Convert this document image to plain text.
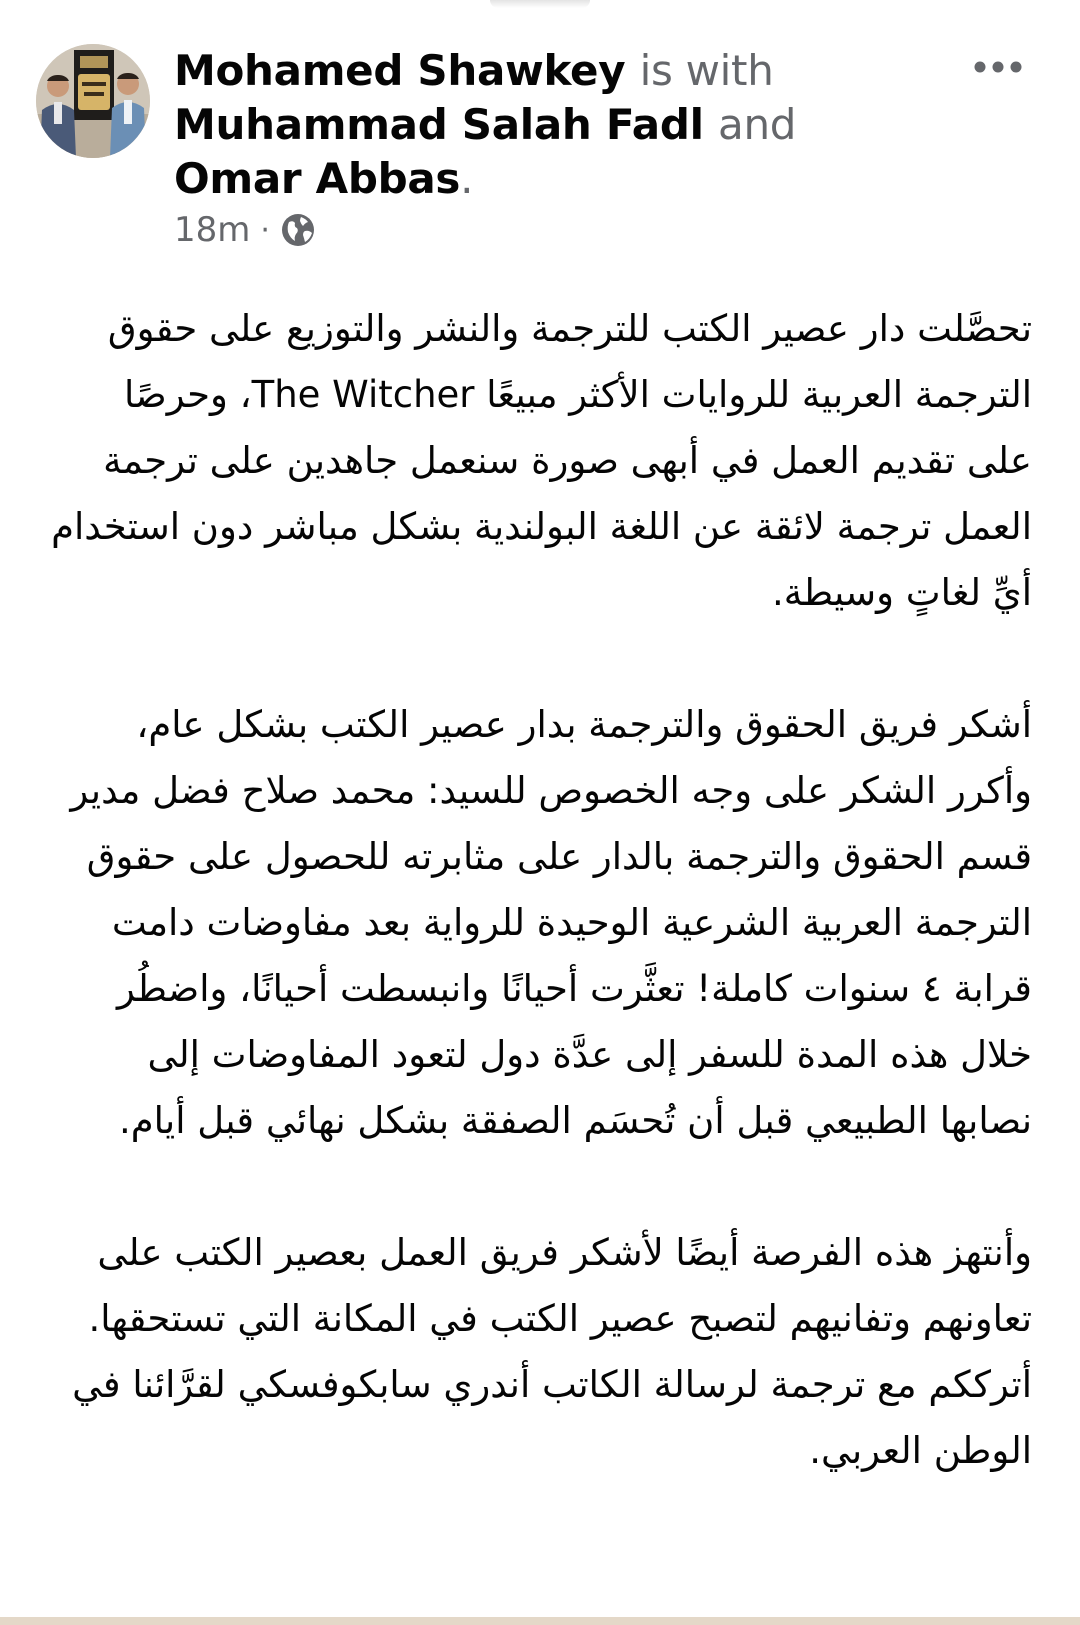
Mohamed Shawkey is with
Muhammad Salah Fadl and Omar Abbas.
18m ·

تحصَّلت دار عصير الكتب للترجمة والنشر والتوزيع على حقوق الترجمة العربية للروايات الأكثر مبيعًا The Witcher، وحرصًا على تقديم العمل في أبهى صورة سنعمل جاهدين على ترجمة العمل ترجمة لائقة عن اللغة البولندية بشكل مباشر دون استخدام أيِّ لغاتٍ وسيطة.

أشكر فريق الحقوق والترجمة بدار عصير الكتب بشكل عام، وأكرر الشكر على وجه الخصوص للسيد: محمد صلاح فضل مدير قسم الحقوق والترجمة بالدار على مثابرته للحصول على حقوق الترجمة العربية الشرعية الوحيدة للرواية بعد مفاوضات دامت قرابة ٤ سنوات كاملة! تعثَّرت أحيانًا وانبسطت أحيانًا، واضطُر خلال هذه المدة للسفر إلى عدَّة دول لتعود المفاوضات إلى نصابها الطبيعي قبل أن تُحسَم الصفقة بشكل نهائي قبل أيام.

وأنتهز هذه الفرصة أيضًا لأشكر فريق العمل بعصير الكتب على تعاونهم وتفانيهم لتصبح عصير الكتب في المكانة التي تستحقها.

أترككم مع ترجمة لرسالة الكاتب أندري سابكوفسكي لقرَّائنا في الوطن العربي.
